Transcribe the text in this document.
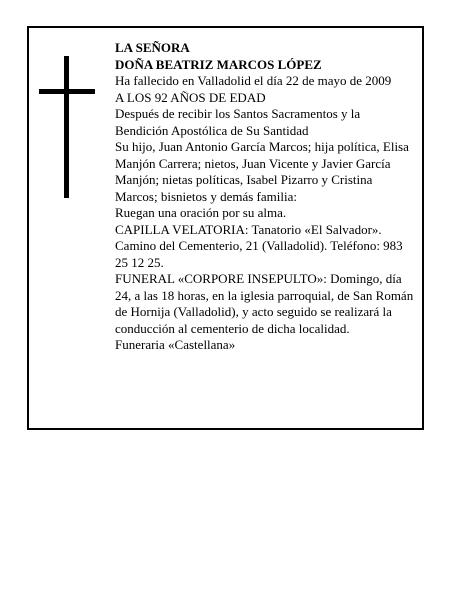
LA SEÑORA

DOÑA BEATRIZ MARCOS LÓPEZ

Ha fallecido en Valladolid el día 22 de mayo de 2009

A LOS 92 AÑOS DE EDAD

Después de recibir los Santos Sacramentos y la Bendición Apostólica de Su Santidad

Su hijo, Juan Antonio García Marcos; hija política, Elisa Manjón Carrera; nietos, Juan Vicente y Javier García Manjón; nietas políticas, Isabel Pizarro y Cristina Marcos; bisnietos y demás familia:

Ruegan una oración por su alma.

CAPILLA VELATORIA: Tanatorio «El Salvador». Camino del Cementerio, 21 (Valladolid). Teléfono: 983 25 12 25.

FUNERAL «CORPORE INSEPULTO»: Domingo, día 24, a las 18 horas, en la iglesia parroquial, de San Román de Hornija (Valladolid), y acto seguido se realizará la conducción al cementerio de dicha localidad.

Funeraria «Castellana»
